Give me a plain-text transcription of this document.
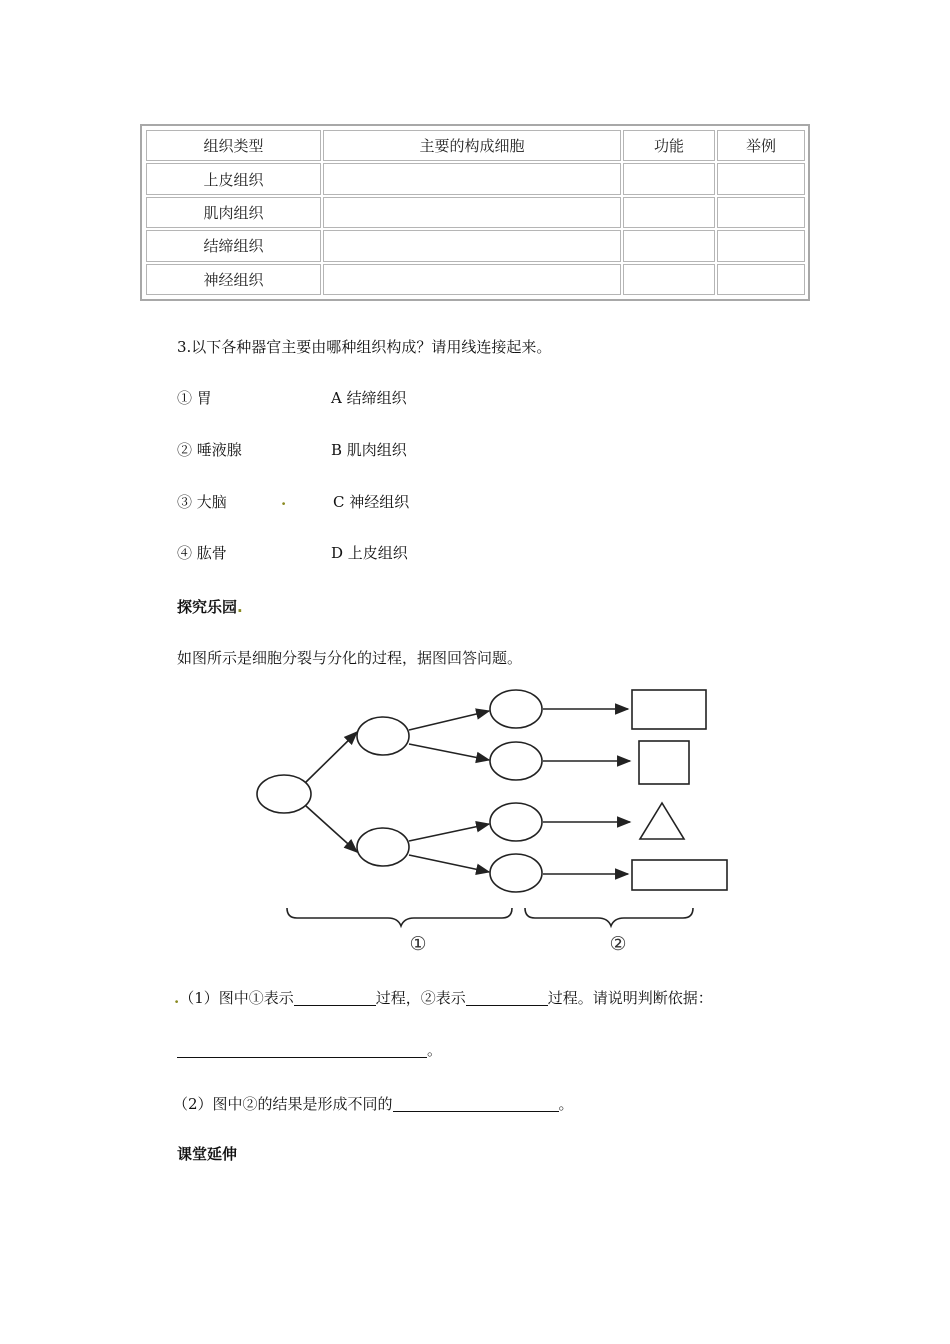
组织类型	主要的构成细胞	功能	举例
上皮组织			
肌肉组织			
结缔组织			
神经组织			
3.以下各种器官主要由哪种组织构成？请用线连接起来。
① 胃	A 结缔组织
② 唾液腺	B 肌肉组织
③ 大脑	.	C 神经组织
④ 肱骨	D 上皮组织
探究乐园.
如图所示是细胞分裂与分化的过程，据图回答问题。
①	②
.（1）图中①表示	过程，②表示	过程。请说明判断依据：
。
（2）图中②的结果是形成不同的	。
课堂延伸
